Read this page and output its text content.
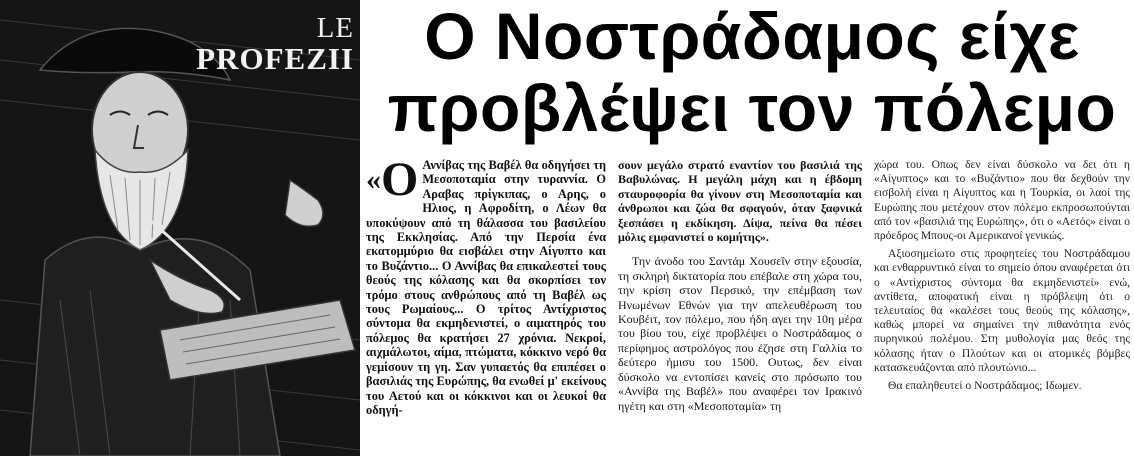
LE
PROFEZII	Ο Νοστράδαμος είχε
προβλέψει τον πόλεμο

«Ο Αννίβας της Βαβέλ θα οδηγήσει τη Μεσοποταμία στην τυραννία. Ο Αραβας πρίγκιπας, ο Αρης, ο Ηλιος, η Αφροδίτη, ο Λέων θα υποκύψουν από τη θάλασσα του βασιλείου της Εκκλησίας. Από την Περσία ένα εκατομμύριο θα εισβάλει στην Αίγυπτο και το Βυζάντιο... Ο Αννίβας θα επικαλεστεί τους θεούς της κόλασης και θα σκορπίσει τον τρόμο στους ανθρώπους από τη Βαβέλ ως τους Ρωμαίους... Ο τρίτος Αντίχριστος σύντομα θα εκμηδενιστεί, ο αιματηρός του πόλεμος θα κρατήσει 27 χρόνια. Νεκροί, αιχμάλωτοι, αίμα, πτώματα, κόκκινο νερό θα γεμίσουν τη γη. Σαν γυπαετός θα επιπέσει ο βασιλιάς της Ευρώπης, θα ενωθεί μ' εκείνους του Αετού και οι κόκκινοι και οι λευκοί θα οδηγή-

σουν μεγάλο στρατό εναντίον του βασιλιά της Βαβυλώνας. Η μεγάλη μάχη και η έβδομη σταυροφορία θα γίνουν στη Μεσοποταμία και άνθρωποι και ζώα θα σφαγούν, όταν ξαφνικά ξεσπάσει η εκδίκηση. Δίψα, πείνα θα πέσει μόλις εμφανιστεί ο κομήτης».

Την άνοδο του Σαντάμ Χουσεΐν στην εξουσία, τη σκληρή δικτατορία που επέβαλε στη χώρα του, την κρίση στον Περσικό, την επέμβαση των Ηνωμένων Εθνών για την απελευθέρωση του Κουβέιτ, τον πόλεμο, που ήδη αγει την 10η μέρα του βίου του, είχε προβλέψει ο Νοστράδαμος ο περίφημος αστρολόγος που έζησε στη Γαλλία το δεύτερο ήμισυ του 1500. Ουτως, δεν είναι δύσκολο να εντοπίσει κανείς στο πρόσωπο του «Αννίβα της Βαβέλ» που αναφέρει τον Ιρακινό ηγέτη και στη «Μεσοποταμία» τη

χώρα του. Οπως δεν είναι δύσκολο να δει ότι η «Αίγυπτος» και το «Βυζάντιο» που θα δεχθούν την εισβολή είναι η Αίγυπτος και η Τουρκία, οι λαοί της Ευρώπης που μετέχουν στον πόλεμο εκπροσωπούνται από τον «βασιλιά της Ευρώπης», ότι ο «Αετός» είναι ο πρόεδρος Μπους-οι Αμερικανοί γενικώς.

Αξιοσημείωτο στις προφητείες του Νοστράδαμου και ενθαρρυντικό είναι το σημείο όπου αναφέρεται ότι ο «Αντίχριστος σύντομα θα εκμηδενιστεί» ενώ, αντίθετα, αποφατική είναι η πρόβλεψη ότι ο τελευταίος θα «καλέσει τους θεούς της κόλασης», καθώς μπορεί να σημαίνει την πιθανότητα ενός πυρηνικού πολέμου. Στη μυθολογία μας θεός της κόλασης ήταν ο Πλούτων και οι ατομικές βόμβες κατασκευάζονται από πλουτώνιο...

Θα επαληθευτεί ο Νοστράδαμος; Ιδωμεν.
